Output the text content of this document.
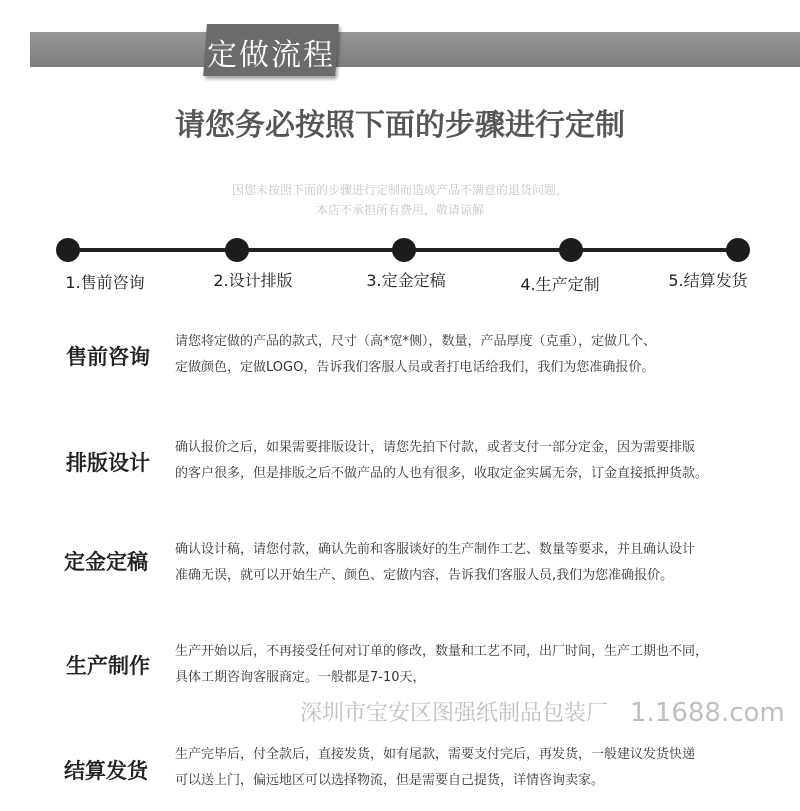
定做流程
请您务必按照下面的步骤进行定制
因您未按照下面的步骤进行定制而造成产品不满意的退货问题，
本店不承担所有费用，敬请谅解
1.售前咨询	2.设计排版	3.定金定稿	4.生产定制	5.结算发货
售前咨询
请您将定做的产品的款式，尺寸（高*宽*侧），数量，产品厚度（克重），定做几个、
定做颜色，定做LOGO，告诉我们客服人员或者打电话给我们，我们为您准确报价。
排版设计
确认报价之后，如果需要排版设计，请您先拍下付款，或者支付一部分定金，因为需要排版
的客户很多，但是排版之后不做产品的人也有很多，收取定金实属无奈，订金直接抵押货款。
定金定稿
确认设计稿，请您付款，确认先前和客服谈好的生产制作工艺、数量等要求，并且确认设计
准确无误，就可以开始生产、颜色、定做内容，告诉我们客服人员,我们为您准确报价。
生产制作
生产开始以后，不再接受任何对订单的修改，数量和工艺不同，出厂时间，生产工期也不同，
具体工期咨询客服商定。一般都是7-10天，
深圳市宝安区图强纸制品包装厂 1.1688.com
结算发货
生产完毕后，付全款后，直接发货，如有尾款，需要支付完后，再发货，一般建议发货快递
可以送上门，偏远地区可以选择物流，但是需要自己提货，详情咨询卖家。
